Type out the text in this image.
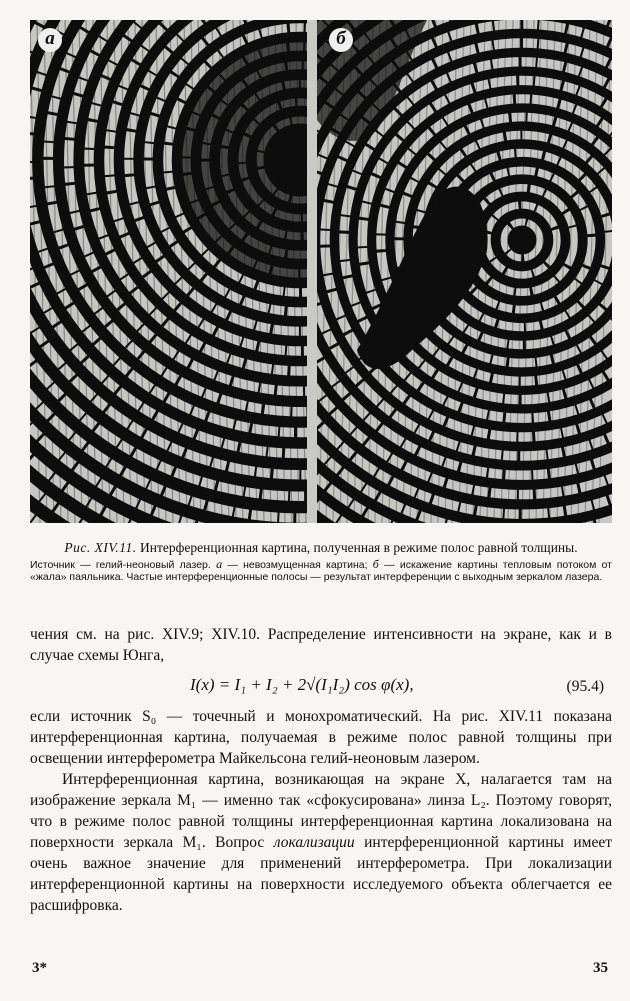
а	б

Рис. XIV.11. Интерференционная картина, полученная в режиме полос равной толщины.

Источник — гелий-неоновый лазер. а — невозмущенная картина; б — искажение картины тепловым потоком от «жала» паяльника. Частые интерференционные полосы — результат интерференции с выходным зеркалом лазера.

чения см. на рис. XIV.9; XIV.10. Распределение интенсивности на экране, как и в случае схемы Юнга,

I(x) = I₁ + I₂ + 2√(I₁I₂) cos φ(x),	(95.4)

если источник S₀ — точечный и монохроматический. На рис. XIV.11 показана интерференционная картина, получаемая в режиме полос равной толщины при освещении интерферометра Майкельсона гелий-неоновым лазером.

Интерференционная картина, возникающая на экране X, налагается там на изображение зеркала M₁ — именно так «сфокусирована» линза L₂. Поэтому говорят, что в режиме полос равной толщины интерференционная картина локализована на поверхности зеркала M₁. Вопрос локализации интерференционной картины имеет очень важное значение для применений интерферометра. При локализации интерференционной картины на поверхности исследуемого объекта облегчается ее расшифровка.

3*	35
